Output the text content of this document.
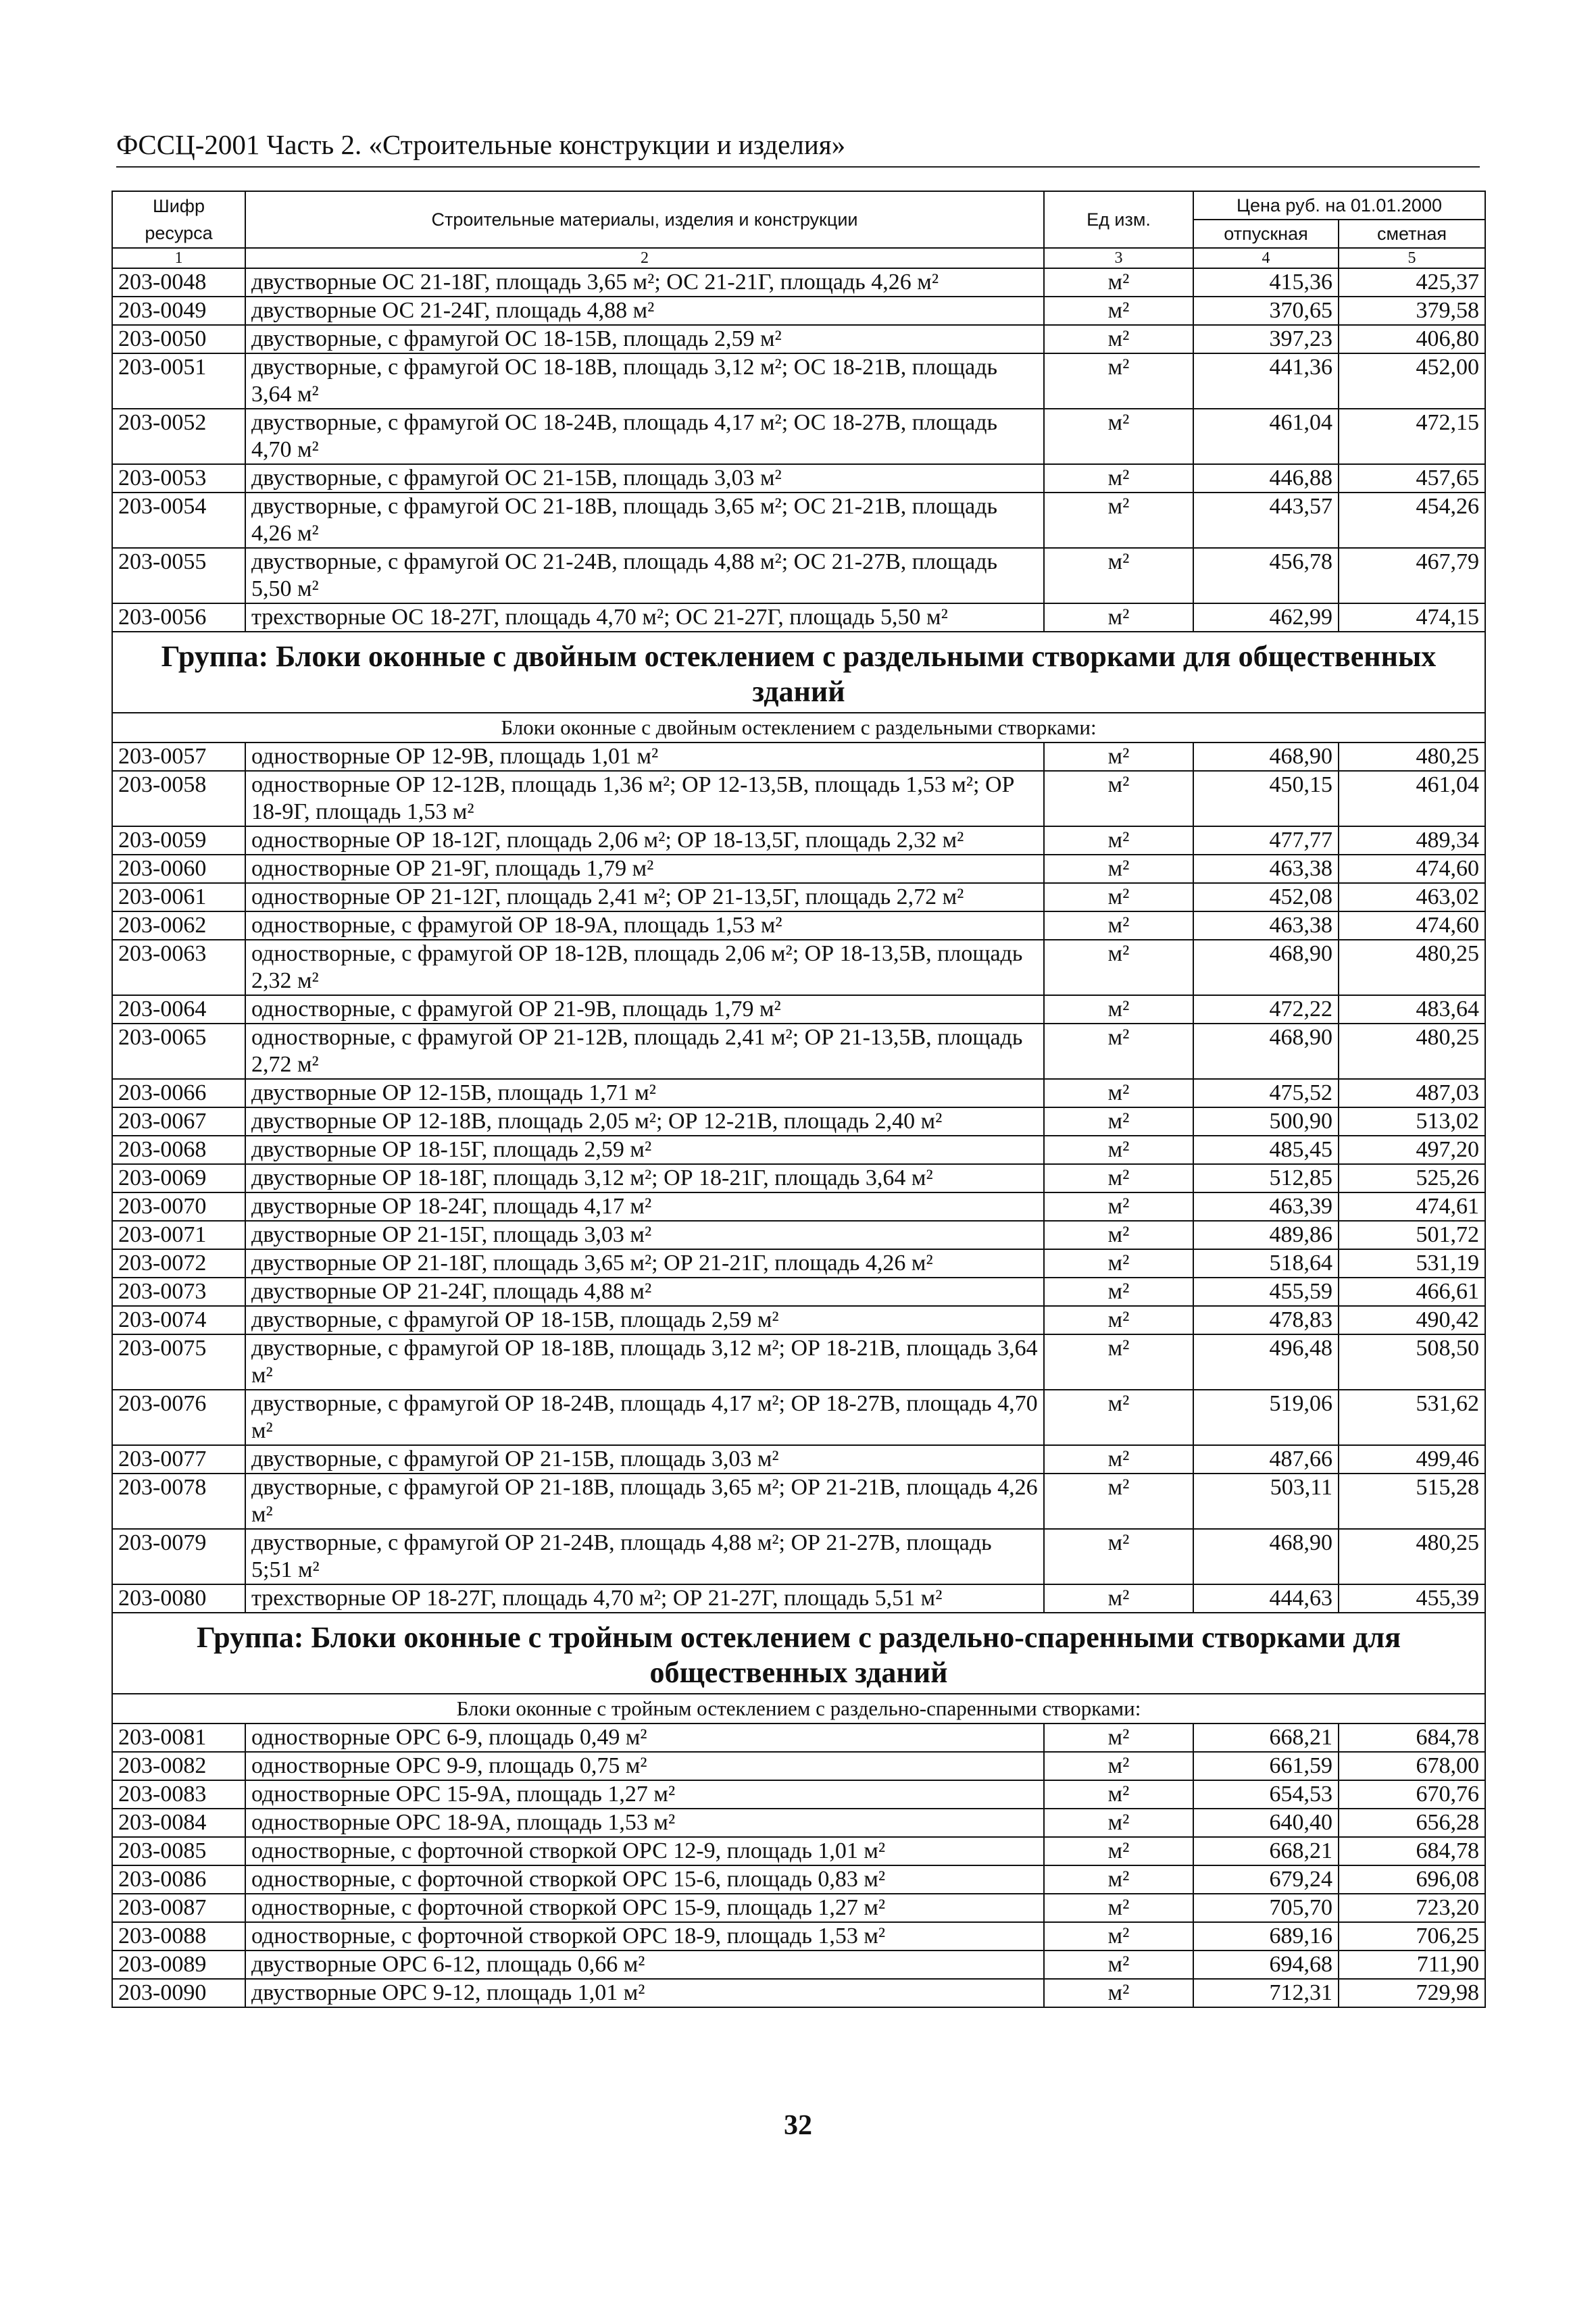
ФССЦ-2001 Часть 2. «Строительные конструкции и изделия»
Шифр ресурса	Строительные материалы, изделия и конструкции	Ед изм.	Цена руб. на 01.01.2000	
			отпускная	сметная
1	2	3	4	5
203-0048	двустворные ОС 21-18Г, площадь 3,65 м²; ОС 21-21Г, площадь 4,26 м²	м²	415,36	425,37
203-0049	двустворные ОС 21-24Г, площадь 4,88 м²	м²	370,65	379,58
203-0050	двустворные, с фрамугой ОС 18-15В, площадь 2,59 м²	м²	397,23	406,80
203-0051	двустворные, с фрамугой ОС 18-18В, площадь 3,12 м²; ОС 18-21В, площадь 3,64 м²	м²	441,36	452,00
203-0052	двустворные, с фрамугой ОС 18-24В, площадь 4,17 м²; ОС 18-27В, площадь 4,70 м²	м²	461,04	472,15
203-0053	двустворные, с фрамугой ОС 21-15В, площадь 3,03 м²	м²	446,88	457,65
203-0054	двустворные, с фрамугой ОС 21-18В, площадь 3,65 м²; ОС 21-21В, площадь 4,26 м²	м²	443,57	454,26
203-0055	двустворные, с фрамугой ОС 21-24В, площадь 4,88 м²; ОС 21-27В, площадь 5,50 м²	м²	456,78	467,79
203-0056	трехстворные ОС 18-27Г, площадь 4,70 м²; ОС 21-27Г, площадь 5,50 м²	м²	462,99	474,15
Группа: Блоки оконные с двойным остеклением с раздельными створками для общественных зданий				
Блоки оконные с двойным остеклением с раздельными створками:				
203-0057	одностворные ОР 12-9В, площадь 1,01 м²	м²	468,90	480,25
203-0058	одностворные ОР 12-12В, площадь 1,36 м²; ОР 12-13,5В, площадь 1,53 м²; ОР 18-9Г, площадь 1,53 м²	м²	450,15	461,04
203-0059	одностворные ОР 18-12Г, площадь 2,06 м²; ОР 18-13,5Г, площадь 2,32 м²	м²	477,77	489,34
203-0060	одностворные ОР 21-9Г, площадь 1,79 м²	м²	463,38	474,60
203-0061	одностворные ОР 21-12Г, площадь 2,41 м²; ОР 21-13,5Г, площадь 2,72 м²	м²	452,08	463,02
203-0062	одностворные, с фрамугой ОР 18-9А, площадь 1,53 м²	м²	463,38	474,60
203-0063	одностворные, с фрамугой ОР 18-12В, площадь 2,06 м²; ОР 18-13,5В, площадь 2,32 м²	м²	468,90	480,25
203-0064	одностворные, с фрамугой ОР 21-9В, площадь 1,79 м²	м²	472,22	483,64
203-0065	одностворные, с фрамугой ОР 21-12В, площадь 2,41 м²; ОР 21-13,5В, площадь 2,72 м²	м²	468,90	480,25
203-0066	двустворные ОР 12-15В, площадь 1,71 м²	м²	475,52	487,03
203-0067	двустворные ОР 12-18В, площадь 2,05 м²; ОР 12-21В, площадь 2,40 м²	м²	500,90	513,02
203-0068	двустворные ОР 18-15Г, площадь 2,59 м²	м²	485,45	497,20
203-0069	двустворные ОР 18-18Г, площадь 3,12 м²; ОР 18-21Г, площадь 3,64 м²	м²	512,85	525,26
203-0070	двустворные ОР 18-24Г, площадь 4,17 м²	м²	463,39	474,61
203-0071	двустворные ОР 21-15Г, площадь 3,03 м²	м²	489,86	501,72
203-0072	двустворные ОР 21-18Г, площадь 3,65 м²; ОР 21-21Г, площадь 4,26 м²	м²	518,64	531,19
203-0073	двустворные ОР 21-24Г, площадь 4,88 м²	м²	455,59	466,61
203-0074	двустворные, с фрамугой ОР 18-15В, площадь 2,59 м²	м²	478,83	490,42
203-0075	двустворные, с фрамугой ОР 18-18В, площадь 3,12 м²; ОР 18-21В, площадь 3,64 м²	м²	496,48	508,50
203-0076	двустворные, с фрамугой ОР 18-24В, площадь 4,17 м²; ОР 18-27В, площадь 4,70 м²	м²	519,06	531,62
203-0077	двустворные, с фрамугой ОР 21-15В, площадь 3,03 м²	м²	487,66	499,46
203-0078	двустворные, с фрамугой ОР 21-18В, площадь 3,65 м²; ОР 21-21В, площадь 4,26 м²	м²	503,11	515,28
203-0079	двустворные, с фрамугой ОР 21-24В, площадь 4,88 м²; ОР 21-27В, площадь 5;51 м²	м²	468,90	480,25
203-0080	трехстворные ОР 18-27Г, площадь 4,70 м²; ОР 21-27Г, площадь 5,51 м²	м²	444,63	455,39
Группа: Блоки оконные с тройным остеклением с раздельно-спаренными створками для общественных зданий				
Блоки оконные с тройным остеклением с раздельно-спаренными створками:				
203-0081	одностворные ОРС 6-9, площадь 0,49 м²	м²	668,21	684,78
203-0082	одностворные ОРС 9-9, площадь 0,75 м²	м²	661,59	678,00
203-0083	одностворные ОРС 15-9А, площадь 1,27 м²	м²	654,53	670,76
203-0084	одностворные ОРС 18-9А, площадь 1,53 м²	м²	640,40	656,28
203-0085	одностворные, с форточной створкой ОРС 12-9, площадь 1,01 м²	м²	668,21	684,78
203-0086	одностворные, с форточной створкой ОРС 15-6, площадь 0,83 м²	м²	679,24	696,08
203-0087	одностворные, с форточной створкой ОРС 15-9, площадь 1,27 м²	м²	705,70	723,20
203-0088	одностворные, с форточной створкой ОРС 18-9, площадь 1,53 м²	м²	689,16	706,25
203-0089	двустворные ОРС 6-12, площадь 0,66 м²	м²	694,68	711,90
203-0090	двустворные ОРС 9-12, площадь 1,01 м²	м²	712,31	729,98
32
